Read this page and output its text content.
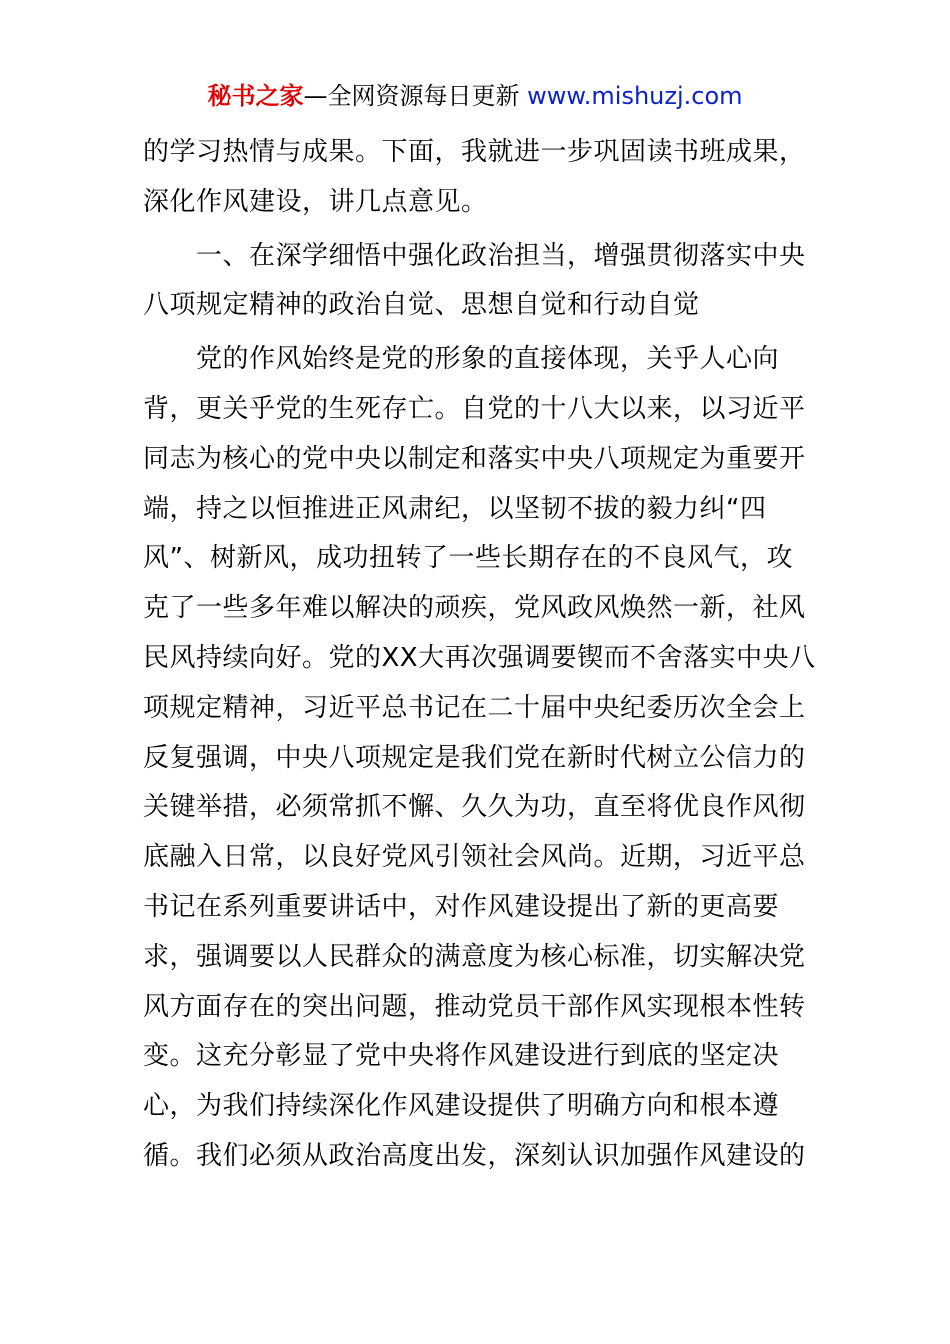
秘书之家—全网资源每日更新 www.mishuzj.com
的学习热情与成果。下面，我就进一步巩固读书班成果，
深化作风建设，讲几点意见。
　　一、在深学细悟中强化政治担当，增强贯彻落实中央
八项规定精神的政治自觉、思想自觉和行动自觉
　　党的作风始终是党的形象的直接体现，关乎人心向
背，更关乎党的生死存亡。自党的十八大以来，以习近平
同志为核心的党中央以制定和落实中央八项规定为重要开
端，持之以恒推进正风肃纪，以坚韧不拔的毅力纠“四
风”、树新风，成功扭转了一些长期存在的不良风气，攻
克了一些多年难以解决的顽疾，党风政风焕然一新，社风
民风持续向好。党的XX大再次强调要锲而不舍落实中央八
项规定精神，习近平总书记在二十届中央纪委历次全会上
反复强调，中央八项规定是我们党在新时代树立公信力的
关键举措，必须常抓不懈、久久为功，直至将优良作风彻
底融入日常，以良好党风引领社会风尚。近期，习近平总
书记在系列重要讲话中，对作风建设提出了新的更高要
求，强调要以人民群众的满意度为核心标准，切实解决党
风方面存在的突出问题，推动党员干部作风实现根本性转
变。这充分彰显了党中央将作风建设进行到底的坚定决
心，为我们持续深化作风建设提供了明确方向和根本遵
循。我们必须从政治高度出发，深刻认识加强作风建设的
